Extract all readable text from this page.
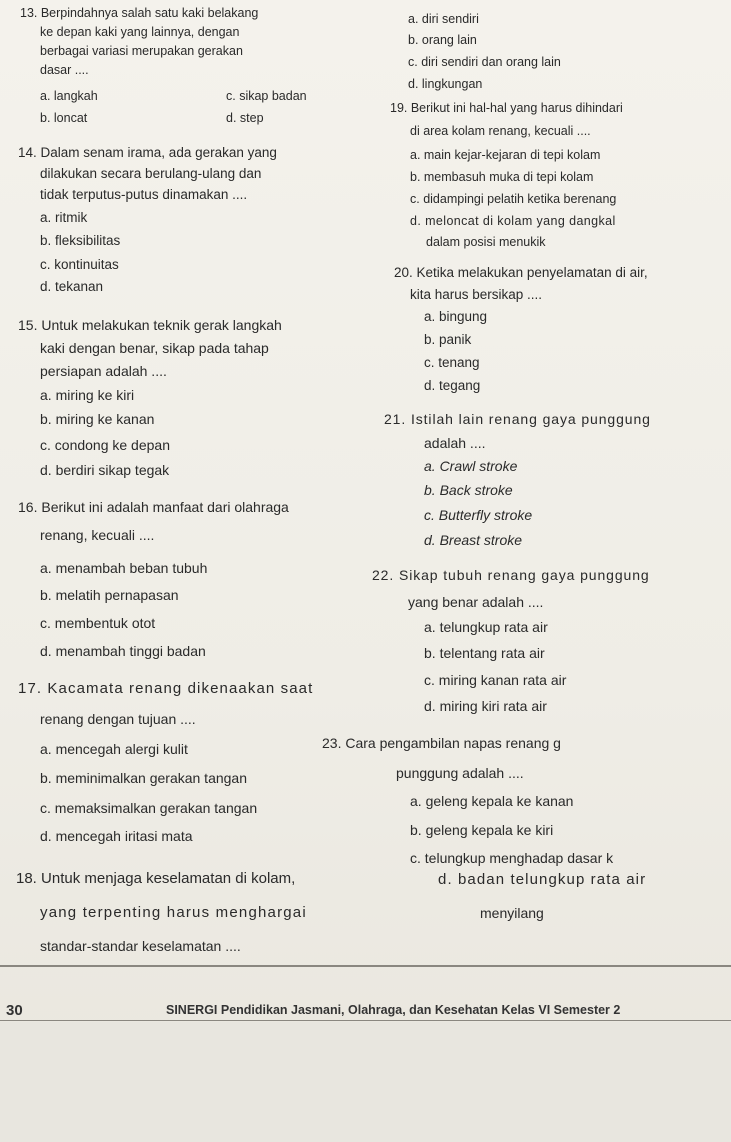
13. Berpindahnya salah satu kaki belakang
ke depan kaki yang lainnya, dengan
berbagai variasi merupakan gerakan
dasar ....
a. langkah	c. sikap badan
b. loncat	d. step
14. Dalam senam irama, ada gerakan yang
dilakukan secara berulang-ulang dan
tidak terputus-putus dinamakan ....
a. ritmik
b. fleksibilitas
c. kontinuitas
d. tekanan
15. Untuk melakukan teknik gerak langkah
kaki dengan benar, sikap pada tahap
persiapan adalah ....
a. miring ke kiri
b. miring ke kanan
c. condong ke depan
d. berdiri sikap tegak
16. Berikut ini adalah manfaat dari olahraga
renang, kecuali ....
a. menambah beban tubuh
b. melatih pernapasan
c. membentuk otot
d. menambah tinggi badan
17. Kacamata renang dikenaakan saat
renang dengan tujuan ....
a. mencegah alergi kulit
b. meminimalkan gerakan tangan
c. memaksimalkan gerakan tangan
d. mencegah iritasi mata
18. Untuk menjaga keselamatan di kolam,
yang terpenting harus menghargai
standar-standar keselamatan ....
a. diri sendiri
b. orang lain
c. diri sendiri dan orang lain
d. lingkungan
19. Berikut ini hal-hal yang harus dihindari
di area kolam renang, kecuali ....
a. main kejar-kejaran di tepi kolam
b. membasuh muka di tepi kolam
c. didampingi pelatih ketika berenang
d. meloncat di kolam yang dangkal
dalam posisi menukik
20. Ketika melakukan penyelamatan di air,
kita harus bersikap ....
a. bingung
b. panik
c. tenang
d. tegang
21. Istilah lain renang gaya punggung
adalah ....
a. Crawl stroke
b. Back stroke
c. Butterfly stroke
d. Breast stroke
22. Sikap tubuh renang gaya punggung
yang benar adalah ....
a. telungkup rata air
b. telentang rata air
c. miring kanan rata air
d. miring kiri rata air
23. Cara pengambilan napas renang g
punggung adalah ....
a. geleng kepala ke kanan
b. geleng kepala ke kiri
c. telungkup menghadap dasar k
d. badan telungkup rata air
menyilang
30	SINERGI Pendidikan Jasmani, Olahraga, dan Kesehatan Kelas VI Semester 2
